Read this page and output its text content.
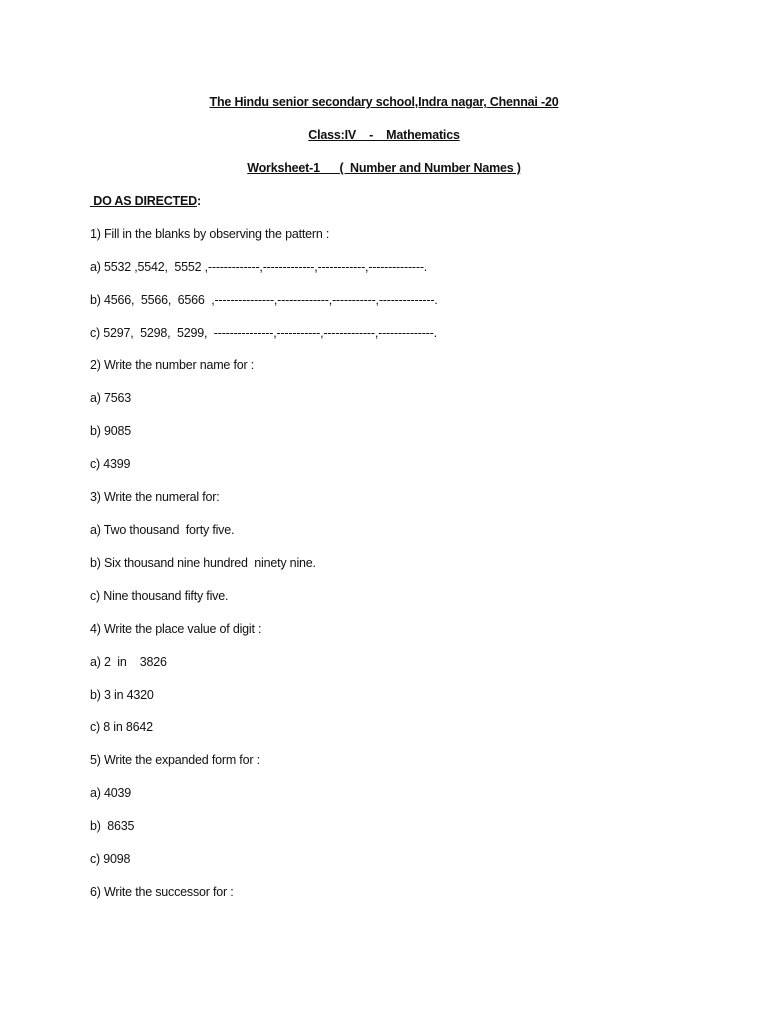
The Hindu senior secondary school,Indra nagar, Chennai -20
Class:IV    -    Mathematics
Worksheet-1      (  Number and Number Names )
DO AS DIRECTED:
1) Fill in the blanks by observing the pattern :
a) 5532 ,5542,  5552 ,-------------,-------------,------------,--------------.
b) 4566,  5566,  6566  ,---------------,-------------,-----------,--------------.
c) 5297,  5298,  5299,  ---------------,-----------,-------------,--------------.
2) Write the number name for :
a) 7563
b) 9085
c) 4399
3) Write the numeral for:
a) Two thousand  forty five.
b) Six thousand nine hundred  ninety nine.
c) Nine thousand fifty five.
4) Write the place value of digit :
a) 2  in    3826
b) 3 in 4320
c) 8 in 8642
5) Write the expanded form for :
a) 4039
b)  8635
c) 9098
6) Write the successor for :
